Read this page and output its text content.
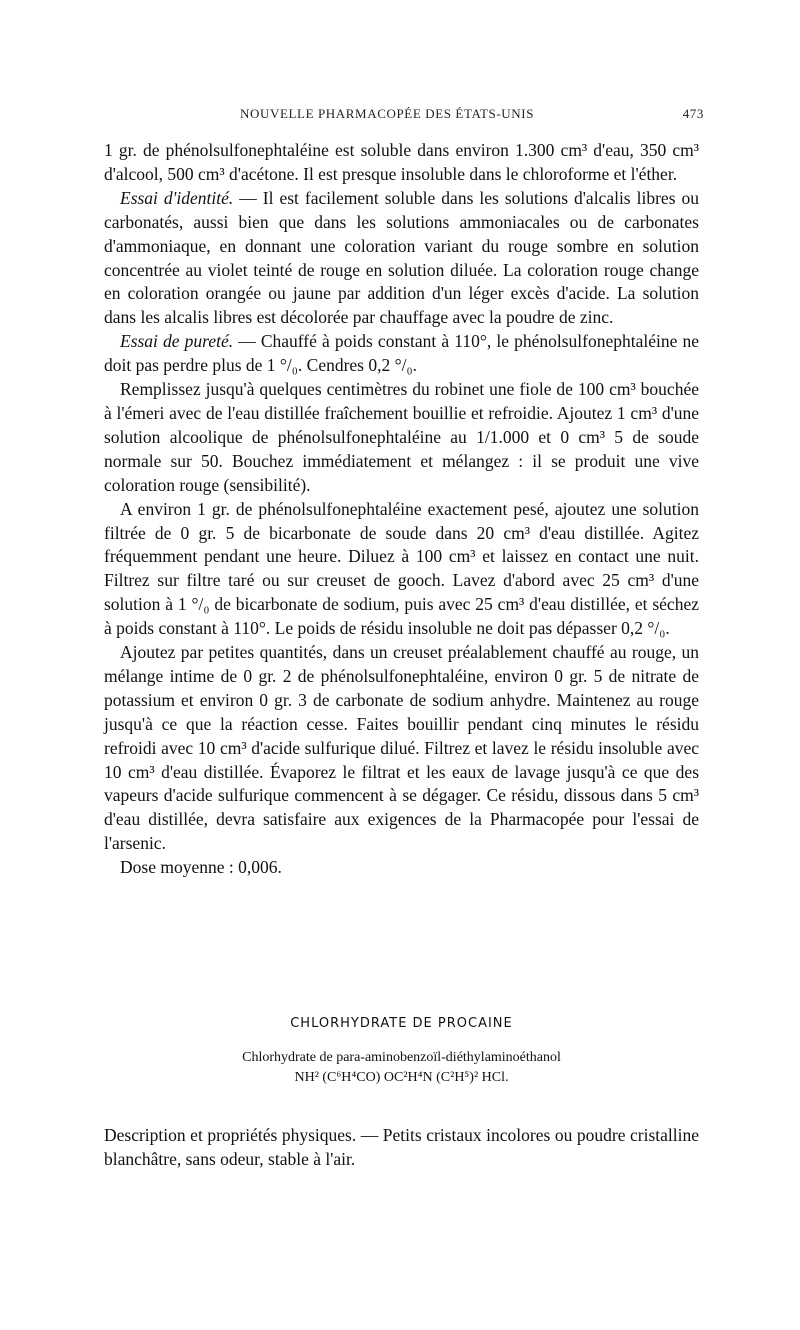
NOUVELLE PHARMACOPÉE DES ÉTATS-UNIS	473

1 gr. de phénolsulfonephtaléine est soluble dans environ 1.300 cm³ d'eau, 350 cm³ d'alcool, 500 cm³ d'acétone. Il est presque insoluble dans le chloroforme et l'éther.

Essai d'identité. — Il est facilement soluble dans les solutions d'alcalis libres ou carbonatés, aussi bien que dans les solutions ammoniacales ou de carbonates d'ammoniaque, en donnant une coloration variant du rouge sombre en solution concentrée au violet teinté de rouge en solution diluée. La coloration rouge change en coloration orangée ou jaune par addition d'un léger excès d'acide. La solution dans les alcalis libres est décolorée par chauffage avec la poudre de zinc.

Essai de pureté. — Chauffé à poids constant à 110°, le phénolsulfonephtaléine ne doit pas perdre plus de 1 °/₀. Cendres 0,2 °/₀.

Remplissez jusqu'à quelques centimètres du robinet une fiole de 100 cm³ bouchée à l'émeri avec de l'eau distillée fraîchement bouillie et refroidie. Ajoutez 1 cm³ d'une solution alcoolique de phénolsulfonephtaléine au 1/1.000 et 0 cm³ 5 de soude normale sur 50. Bouchez immédiatement et mélangez : il se produit une vive coloration rouge (sensibilité).

A environ 1 gr. de phénolsulfonephtaléine exactement pesé, ajoutez une solution filtrée de 0 gr. 5 de bicarbonate de soude dans 20 cm³ d'eau distillée. Agitez fréquemment pendant une heure. Diluez à 100 cm³ et laissez en contact une nuit. Filtrez sur filtre taré ou sur creuset de gooch. Lavez d'abord avec 25 cm³ d'une solution à 1 °/₀ de bicarbonate de sodium, puis avec 25 cm³ d'eau distillée, et séchez à poids constant à 110°. Le poids de résidu insoluble ne doit pas dépasser 0,2 °/₀.

Ajoutez par petites quantités, dans un creuset préalablement chauffé au rouge, un mélange intime de 0 gr. 2 de phénolsulfonephtaléine, environ 0 gr. 5 de nitrate de potassium et environ 0 gr. 3 de carbonate de sodium anhydre. Maintenez au rouge jusqu'à ce que la réaction cesse. Faites bouillir pendant cinq minutes le résidu refroidi avec 10 cm³ d'acide sulfurique dilué. Filtrez et lavez le résidu insoluble avec 10 cm³ d'eau distillée. Évaporez le filtrat et les eaux de lavage jusqu'à ce que des vapeurs d'acide sulfurique commencent à se dégager. Ce résidu, dissous dans 5 cm³ d'eau distillée, devra satisfaire aux exigences de la Pharmacopée pour l'essai de l'arsenic.

Dose moyenne : 0,006.

CHLORHYDRATE DE PROCAINE
Chlorhydrate de para-aminobenzoïl-diéthylaminoéthanol
NH² (C⁶H⁴CO) OC²H⁴N (C²H⁵)² HCl.

Description et propriétés physiques. — Petits cristaux incolores ou poudre cristalline blanchâtre, sans odeur, stable à l'air.
